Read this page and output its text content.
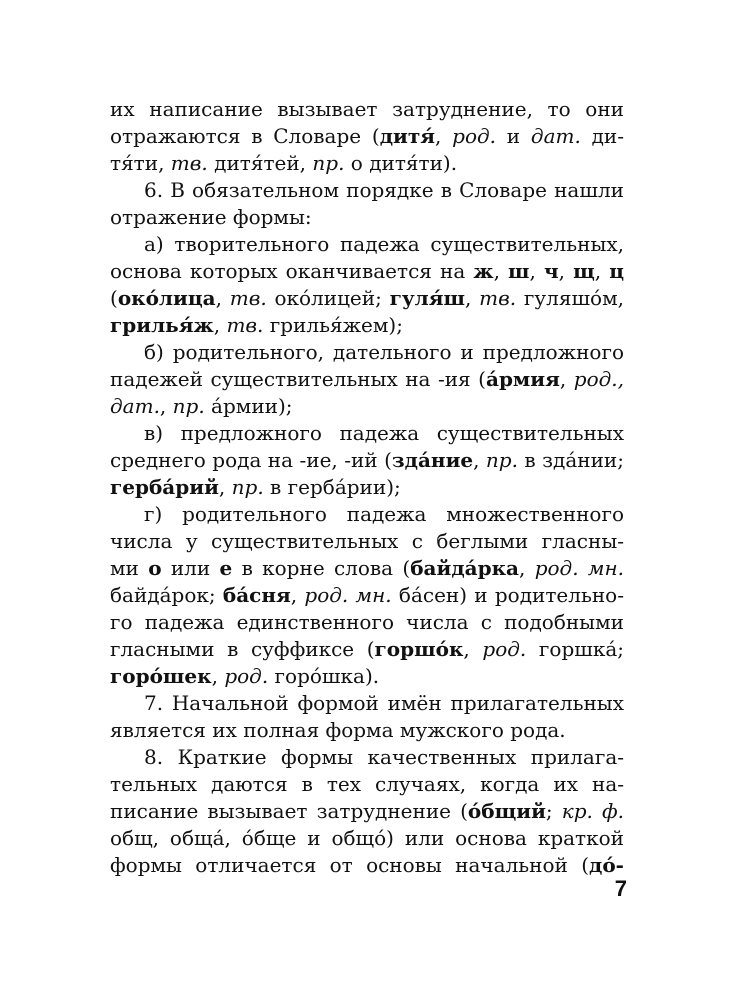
их написание вызывает затруднение, то они
отражаются в Словаре (дитя́, род. и дат. ди-
тя́ти, тв. дитя́тей, пр. о дитя́ти).
6. В обязательном порядке в Словаре нашли
отражение формы:
а) творительного падежа существительных,
основа которых оканчивается на ж, ш, ч, щ, ц
(око́лица, тв. око́лицей; гуля́ш, тв. гуляшо́м,
грилья́ж, тв. грилья́жем);
б) родительного, дательного и предложного
падежей существительных на -ия (а́рмия, род.,
дат., пр. а́рмии);
в) предложного падежа существительных
среднего рода на -ие, -ий (зда́ние, пр. в зда́нии;
герба́рий, пр. в герба́рии);
г) родительного падежа множественного
числа у существительных с беглыми гласны-
ми о или е в корне слова (байда́рка, род. мн.
байда́рок; ба́сня, род. мн. ба́сен) и родительно-
го падежа единственного числа с подобными
гласными в суффиксе (горшо́к, род. горшка́;
горо́шек, род. горо́шка).
7. Начальной формой имён прилагательных
является их полная форма мужского рода.
8. Краткие формы качественных прилага-
тельных даются в тех случаях, когда их на-
писание вызывает затруднение (о́бщий; кр. ф.
общ, обща́, о́бще и общо́) или основа краткой
формы отличается от основы начальной (до́-
7
